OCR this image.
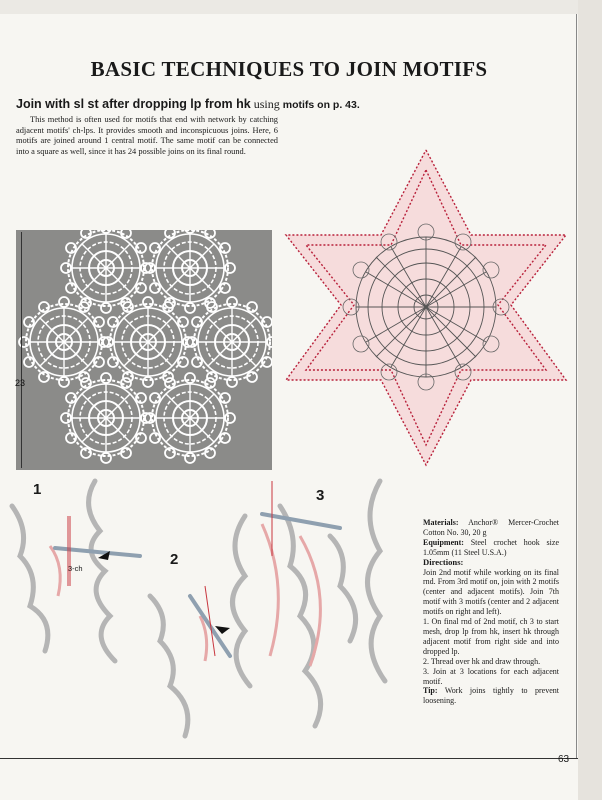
BASIC TECHNIQUES TO JOIN MOTIFS
Join with sl st after dropping lp from hk using motifs on p. 43.
This method is often used for motifs that end with network by catching adjacent motifs' ch-lps. It provides smooth and inconspicuous joins. Here, 6 motifs are joined around 1 central motif. The same motif can be connected into a square as well, since it has 24 possible joins on its final round.
23
1
2
3
3-ch

Materials: Anchor® Mercer-Crochet Cotton No. 30, 20 g

Equipment: Steel crochet hook size 1.05mm (11 Steel U.S.A.)

Directions:

Join 2nd motif while working on its final rnd. From 3rd motif on, join with 2 motifs (center and adjacent motifs). Join 7th motif with 3 motifs (center and 2 adjacent motifs on right and left).

1. On final rnd of 2nd motif, ch 3 to start mesh, drop lp from hk, insert hk through adjacent motif from right side and into dropped lp.

2. Thread over hk and draw through.

3. Join at 3 locations for each adjacent motif.

Tip: Work joins tightly to prevent loosening.

63
